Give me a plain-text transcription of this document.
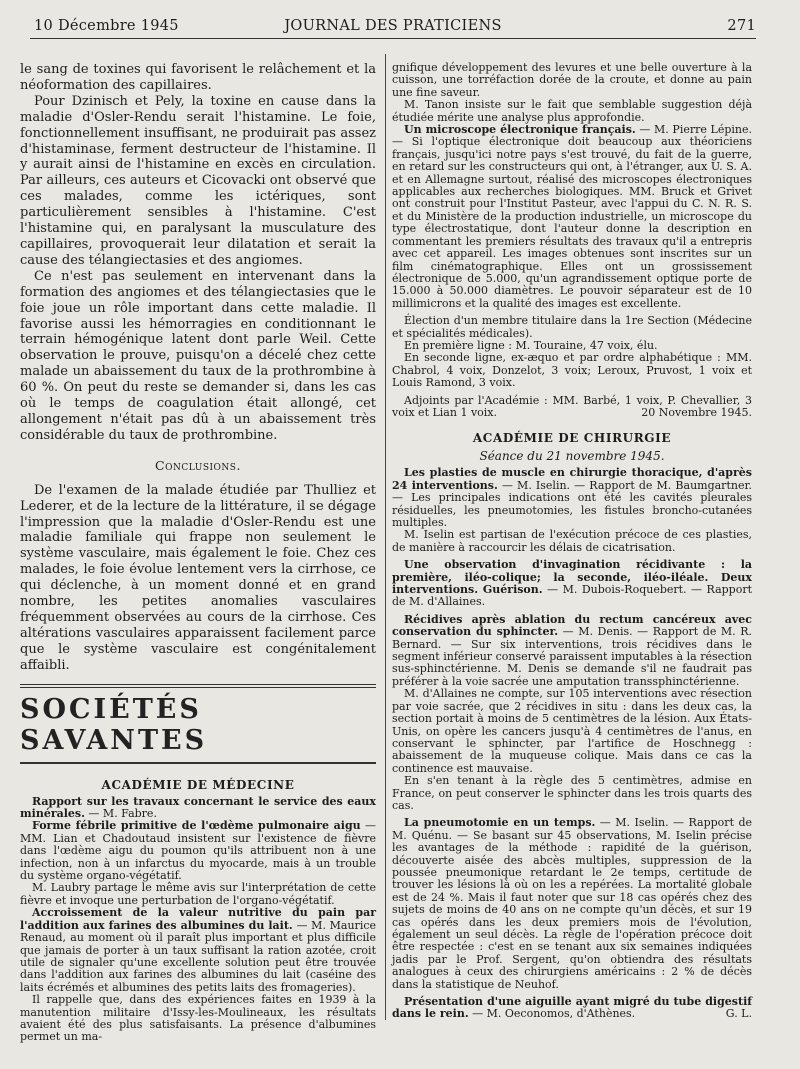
10 Décembre 1945	JOURNAL DES PRATICIENS	271

le sang de toxines qui favorisent le relâchement et la néoformation des capillaires.

Pour Dzinisch et Pely, la toxine en cause dans la maladie d'Osler-Rendu serait l'histamine. Le foie, fonctionnellement insuffisant, ne produirait pas assez d'histaminase, ferment destructeur de l'histamine. Il y aurait ainsi de l'histamine en excès en circulation. Par ailleurs, ces auteurs et Cicovacki ont observé que ces malades, comme les ictériques, sont particulièrement sensibles à l'histamine. C'est l'histamine qui, en paralysant la musculature des capillaires, provoquerait leur dilatation et serait la cause des télangiectasies et des angiomes.

Ce n'est pas seulement en intervenant dans la formation des angiomes et des télangiectasies que le foie joue un rôle important dans cette maladie. Il favorise aussi les hémorragies en conditionnant le terrain hémogénique latent dont parle Weil. Cette observation le prouve, puisqu'on a décelé chez cette malade un abaissement du taux de la prothrombine à 60 %. On peut du reste se demander si, dans les cas où le temps de coagulation était allongé, cet allongement n'était pas dû à un abaissement très considérable du taux de prothrombine.

Conclusions.

De l'examen de la malade étudiée par Thulliez et Lederer, et de la lecture de la littérature, il se dégage l'impression que la maladie d'Osler-Rendu est une maladie familiale qui frappe non seulement le système vasculaire, mais également le foie. Chez ces malades, le foie évolue lentement vers la cirrhose, ce qui déclenche, à un moment donné et en grand nombre, les petites anomalies vasculaires fréquemment observées au cours de la cirrhose. Ces altérations vasculaires apparaissent facilement parce que le système vasculaire est congénitalement affaibli.

SOCIÉTÉS SAVANTES
ACADÉMIE DE MÉDECINE

Rapport sur les travaux concernant le service des eaux minérales. — M. Fabre.

Forme fébrile primitive de l'œdème pulmonaire aigu — MM. Lian et Chadoutaud insistent sur l'existence de fièvre dans l'œdème aigu du poumon qu'ils attribuent non à une infection, non à un infarctus du myocarde, mais à un trouble du système organo-végétatif.

M. Laubry partage le même avis sur l'interprétation de cette fièvre et invoque une perturbation de l'organo-végétatif.

Accroissement de la valeur nutritive du pain par l'addition aux farines des albumines du lait. — M. Maurice Renaud, au moment où il paraît plus important et plus difficile que jamais de porter à un taux suffisant la ration azotée, croit utile de signaler qu'une excellente solution peut être trouvée dans l'addition aux farines des albumines du lait (caséine des laits écrémés et albumines des petits laits des fromageries).

Il rappelle que, dans des expériences faites en 1939 à la manutention militaire d'Issy-les-Moulineaux, les résultats avaient été des plus satisfaisants. La présence d'albumines permet un ma-

gnifique développement des levures et une belle ouverture à la cuisson, une torréfaction dorée de la croute, et donne au pain une fine saveur.

M. Tanon insiste sur le fait que semblable suggestion déjà étudiée mérite une analyse plus approfondie.

Un microscope électronique français. — M. Pierre Lépine. — Si l'optique électronique doit beaucoup aux théoriciens français, jusqu'ici notre pays s'est trouvé, du fait de la guerre, en retard sur les constructeurs qui ont, à l'étranger, aux U. S. A. et en Allemagne surtout, réalisé des microscopes électroniques applicables aux recherches biologiques. MM. Bruck et Grivet ont construit pour l'Institut Pasteur, avec l'appui du C. N. R. S. et du Ministère de la production industrielle, un microscope du type électrostatique, dont l'auteur donne la description en commentant les premiers résultats des travaux qu'il a entrepris avec cet appareil. Les images obtenues sont inscrites sur un film cinématographique. Elles ont un grossissement électronique de 5.000, qu'un agrandissement optique porte de 15.000 à 50.000 diamètres. Le pouvoir séparateur est de 10 millimicrons et la qualité des images est excellente.

Élection d'un membre titulaire dans la 1re Section (Médecine et spécialités médicales).

En première ligne : M. Touraine, 47 voix, élu.

En seconde ligne, ex-æquo et par ordre alphabétique : MM. Chabrol, 4 voix, Donzelot, 3 voix; Leroux, Pruvost, 1 voix et Louis Ramond, 3 voix.

Adjoints par l'Académie : MM. Barbé, 1 voix, P. Chevallier, 3 voix et Lian 1 voix.	20 Novembre 1945.

ACADÉMIE DE CHIRURGIE
Séance du 21 novembre 1945.

Les plasties de muscle en chirurgie thoracique, d'après 24 interventions. — M. Iselin. — Rapport de M. Baumgartner. — Les principales indications ont été les cavités pleurales résiduelles, les pneumotomies, les fistules broncho-cutanées multiples.

M. Iselin est partisan de l'exécution précoce de ces plasties, de manière à raccourcir les délais de cicatrisation.

Une observation d'invagination récidivante : la première, iléo-colique; la seconde, iléo-iléale. Deux interventions. Guérison. — M. Dubois-Roquebert. — Rapport de M. d'Allaines.

Récidives après ablation du rectum cancéreux avec conservation du sphincter. — M. Denis. — Rapport de M. R. Bernard. — Sur six interventions, trois récidives dans le segment inférieur conservé paraissent imputables à la résection sus-sphinctérienne. M. Denis se demande s'il ne faudrait pas préférer à la voie sacrée une amputation transsphinctérienne.

M. d'Allaines ne compte, sur 105 interventions avec résection par voie sacrée, que 2 récidives in situ : dans les deux cas, la section portait à moins de 5 centimètres de la lésion. Aux États-Unis, on opère les cancers jusqu'à 4 centimètres de l'anus, en conservant le sphincter, par l'artifice de Hoschnegg : abaissement de la muqueuse colique. Mais dans ce cas la continence est mauvaise.

En s'en tenant à la règle des 5 centimètres, admise en France, on peut conserver le sphincter dans les trois quarts des cas.

La pneumotomie en un temps. — M. Iselin. — Rapport de M. Quénu. — Se basant sur 45 observations, M. Iselin précise les avantages de la méthode : rapidité de la guérison, découverte aisée des abcès multiples, suppression de la poussée pneumonique retardant le 2e temps, certitude de trouver les lésions là où on les a repérées. La mortalité globale est de 24 %. Mais il faut noter que sur 18 cas opérés chez des sujets de moins de 40 ans on ne compte qu'un décès, et sur 19 cas opérés dans les deux premiers mois de l'évolution, également un seul décès. La règle de l'opération précoce doit être respectée : c'est en se tenant aux six semaines indiquées jadis par le Prof. Sergent, qu'on obtiendra des résultats analogues à ceux des chirurgiens américains : 2 % de décès dans la statistique de Neuhof.

Présentation d'une aiguille ayant migré du tube digestif dans le rein. — M. Oeconomos, d'Athènes.	G. L.
